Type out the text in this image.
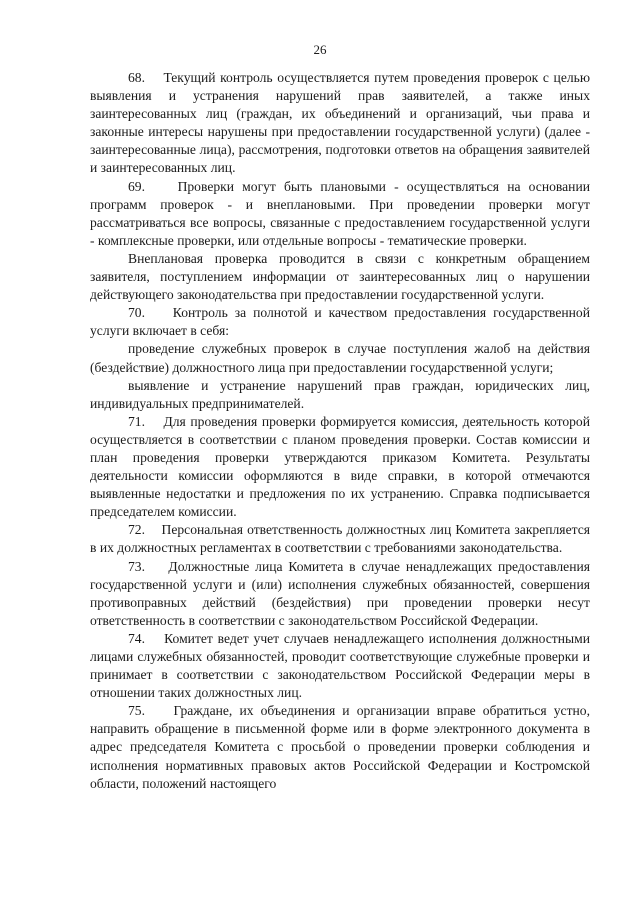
26

68.    Текущий контроль осуществляется путем проведения проверок с целью выявления и устранения нарушений прав заявителей, а также иных заинтересованных лиц (граждан, их объединений и организаций, чьи права и законные интересы нарушены при предоставлении государственной услуги) (далее - заинтересованные лица), рассмотрения, подготовки ответов на обращения заявителей и заинтересованных лиц.

69.    Проверки могут быть плановыми - осуществляться на основании программ проверок - и внеплановыми. При проведении проверки могут рассматриваться все вопросы, связанные с предоставлением государственной услуги - комплексные проверки, или отдельные вопросы - тематические проверки.

Внеплановая проверка проводится в связи с конкретным обращением заявителя, поступлением информации от заинтересованных лиц о нарушении действующего законодательства при предоставлении государственной услуги.

70.    Контроль за полнотой и качеством предоставления государственной услуги включает в себя:

проведение служебных проверок в случае поступления жалоб на действия (бездействие) должностного лица при предоставлении государственной услуги;

выявление и устранение нарушений прав граждан, юридических лиц, индивидуальных предпринимателей.

71.    Для проведения проверки формируется комиссия, деятельность которой осуществляется в соответствии с планом проведения проверки. Состав комиссии и план проведения проверки утверждаются приказом Комитета. Результаты деятельности комиссии оформляются в виде справки, в которой отмечаются выявленные недостатки и предложения по их устранению. Справка подписывается председателем комиссии.

72.    Персональная ответственность должностных лиц Комитета закрепляется в их должностных регламентах в соответствии с требованиями законодательства.

73.    Должностные лица Комитета в случае ненадлежащих предоставления государственной услуги и (или) исполнения служебных обязанностей, совершения противоправных действий (бездействия) при проведении проверки несут ответственность в соответствии с законодательством Российской Федерации.

74.    Комитет ведет учет случаев ненадлежащего исполнения должностными лицами служебных обязанностей, проводит соответствующие служебные проверки и принимает в соответствии с законодательством Российской Федерации меры в отношении таких должностных лиц.

75.    Граждане, их объединения и организации вправе обратиться устно, направить обращение в письменной форме или в форме электронного документа в адрес председателя Комитета с просьбой о проведении проверки соблюдения и исполнения нормативных правовых актов Российской Федерации и Костромской области, положений настоящего
